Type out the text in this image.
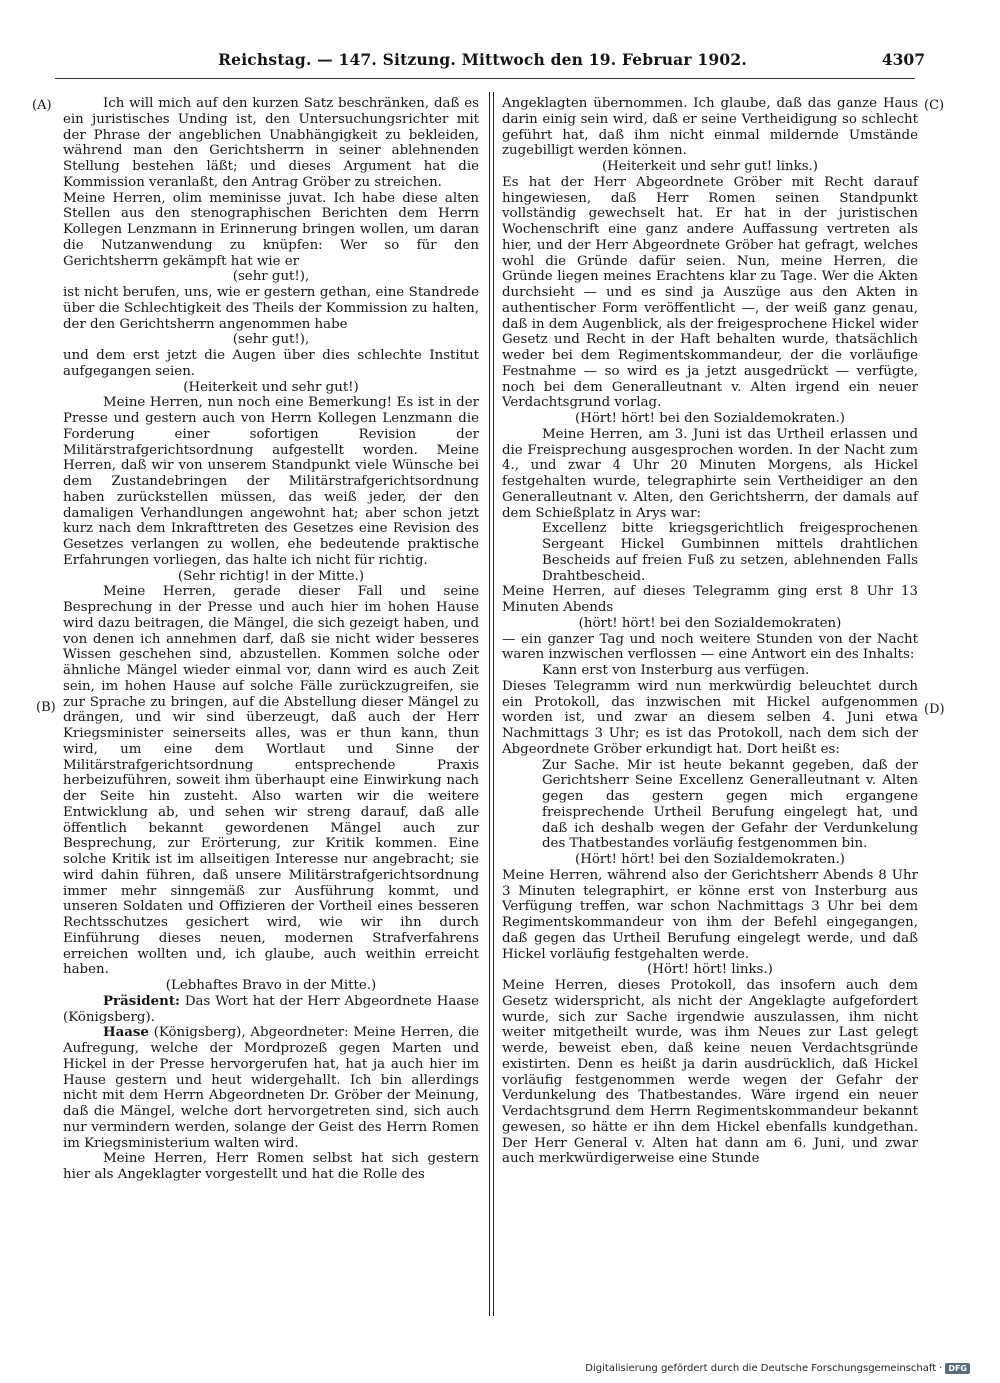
Reichstag. — 147. Sitzung. Mittwoch den 19. Februar 1902.	4307
(A)
(B)
(C)
(D)

Ich will mich auf den kurzen Satz beschränken, daß es ein juristisches Unding ist, den Untersuchungsrichter mit der Phrase der angeblichen Unabhängigkeit zu bekleiden, während man den Gerichtsherrn in seiner ablehnenden Stellung bestehen läßt; und dieses Argument hat die Kommission veranlaßt, den Antrag Gröber zu streichen.

Meine Herren, olim meminisse juvat. Ich habe diese alten Stellen aus den stenographischen Berichten dem Herrn Kollegen Lenzmann in Erinnerung bringen wollen, um daran die Nutzanwendung zu knüpfen: Wer so für den Gerichtsherrn gekämpft hat wie er

(sehr gut!),

ist nicht berufen, uns, wie er gestern gethan, eine Standrede über die Schlechtigkeit des Theils der Kommission zu halten, der den Gerichtsherrn angenommen habe

(sehr gut!),

und dem erst jetzt die Augen über dies schlechte Institut aufgegangen seien.

(Heiterkeit und sehr gut!)

Meine Herren, nun noch eine Bemerkung! Es ist in der Presse und gestern auch von Herrn Kollegen Lenzmann die Forderung einer sofortigen Revision der Militärstrafgerichtsordnung aufgestellt worden. Meine Herren, daß wir von unserem Standpunkt viele Wünsche bei dem Zustandebringen der Militärstrafgerichtsordnung haben zurückstellen müssen, das weiß jeder, der den damaligen Verhandlungen angewohnt hat; aber schon jetzt kurz nach dem Inkrafttreten des Gesetzes eine Revision des Gesetzes verlangen zu wollen, ehe bedeutende praktische Erfahrungen vorliegen, das halte ich nicht für richtig.

(Sehr richtig! in der Mitte.)

Meine Herren, gerade dieser Fall und seine Besprechung in der Presse und auch hier im hohen Hause wird dazu beitragen, die Mängel, die sich gezeigt haben, und von denen ich annehmen darf, daß sie nicht wider besseres Wissen geschehen sind, abzustellen. Kommen solche oder ähnliche Mängel wieder einmal vor, dann wird es auch Zeit sein, im hohen Hause auf solche Fälle zurückzugreifen, sie zur Sprache zu bringen, auf die Abstellung dieser Mängel zu drängen, und wir sind überzeugt, daß auch der Herr Kriegsminister seinerseits alles, was er thun kann, thun wird, um eine dem Wortlaut und Sinne der Militärstrafgerichtsordnung entsprechende Praxis herbeizuführen, soweit ihm überhaupt eine Einwirkung nach der Seite hin zusteht. Also warten wir die weitere Entwicklung ab, und sehen wir streng darauf, daß alle öffentlich bekannt gewordenen Mängel auch zur Besprechung, zur Erörterung, zur Kritik kommen. Eine solche Kritik ist im allseitigen Interesse nur angebracht; sie wird dahin führen, daß unsere Militärstrafgerichtsordnung immer mehr sinngemäß zur Ausführung kommt, und unseren Soldaten und Offizieren der Vortheil eines besseren Rechtsschutzes gesichert wird, wie wir ihn durch Einführung dieses neuen, modernen Strafverfahrens erreichen wollten und, ich glaube, auch weithin erreicht haben.

(Lebhaftes Bravo in der Mitte.)

Präsident: Das Wort hat der Herr Abgeordnete Haase (Königsberg).

Haase (Königsberg), Abgeordneter: Meine Herren, die Aufregung, welche der Mordprozeß gegen Marten und Hickel in der Presse hervorgerufen hat, hat ja auch hier im Hause gestern und heut widergehallt. Ich bin allerdings nicht mit dem Herrn Abgeordneten Dr. Gröber der Meinung, daß die Mängel, welche dort hervorgetreten sind, sich auch nur vermindern werden, solange der Geist des Herrn Romen im Kriegsministerium walten wird.

Meine Herren, Herr Romen selbst hat sich gestern hier als Angeklagter vorgestellt und hat die Rolle des

Angeklagten übernommen. Ich glaube, daß das ganze Haus darin einig sein wird, daß er seine Vertheidigung so schlecht geführt hat, daß ihm nicht einmal mildernde Umstände zugebilligt werden können.

(Heiterkeit und sehr gut! links.)

Es hat der Herr Abgeordnete Gröber mit Recht darauf hingewiesen, daß Herr Romen seinen Standpunkt vollständig gewechselt hat. Er hat in der juristischen Wochenschrift eine ganz andere Auffassung vertreten als hier, und der Herr Abgeordnete Gröber hat gefragt, welches wohl die Gründe dafür seien. Nun, meine Herren, die Gründe liegen meines Erachtens klar zu Tage. Wer die Akten durchsieht — und es sind ja Auszüge aus den Akten in authentischer Form veröffentlicht —, der weiß ganz genau, daß in dem Augenblick, als der freigesprochene Hickel wider Gesetz und Recht in der Haft behalten wurde, thatsächlich weder bei dem Regimentskommandeur, der die vorläufige Festnahme — so wird es ja jetzt ausgedrückt — verfügte, noch bei dem Generalleutnant v. Alten irgend ein neuer Verdachtsgrund vorlag.

(Hört! hört! bei den Sozialdemokraten.)

Meine Herren, am 3. Juni ist das Urtheil erlassen und die Freisprechung ausgesprochen worden. In der Nacht zum 4., und zwar 4 Uhr 20 Minuten Morgens, als Hickel festgehalten wurde, telegraphirte sein Vertheidiger an den Generalleutnant v. Alten, den Gerichtsherrn, der damals auf dem Schießplatz in Arys war:

Excellenz bitte kriegsgerichtlich freigesprochenen Sergeant Hickel Gumbinnen mittels drahtlichen Bescheids auf freien Fuß zu setzen, ablehnenden Falls Drahtbescheid.

Meine Herren, auf dieses Telegramm ging erst 8 Uhr 13 Minuten Abends

(hört! hört! bei den Sozialdemokraten)

— ein ganzer Tag und noch weitere Stunden von der Nacht waren inzwischen verflossen — eine Antwort ein des Inhalts:

Kann erst von Insterburg aus verfügen.

Dieses Telegramm wird nun merkwürdig beleuchtet durch ein Protokoll, das inzwischen mit Hickel aufgenommen worden ist, und zwar an diesem selben 4. Juni etwa Nachmittags 3 Uhr; es ist das Protokoll, nach dem sich der Abgeordnete Gröber erkundigt hat. Dort heißt es:

Zur Sache. Mir ist heute bekannt gegeben, daß der Gerichtsherr Seine Excellenz Generalleutnant v. Alten gegen das gestern gegen mich ergangene freisprechende Urtheil Berufung eingelegt hat, und daß ich deshalb wegen der Gefahr der Verdunkelung des Thatbestandes vorläufig festgenommen bin.

(Hört! hört! bei den Sozialdemokraten.)

Meine Herren, während also der Gerichtsherr Abends 8 Uhr 3 Minuten telegraphirt, er könne erst von Insterburg aus Verfügung treffen, war schon Nachmittags 3 Uhr bei dem Regimentskommandeur von ihm der Befehl eingegangen, daß gegen das Urtheil Berufung eingelegt werde, und daß Hickel vorläufig festgehalten werde.

(Hört! hört! links.)

Meine Herren, dieses Protokoll, das insofern auch dem Gesetz widerspricht, als nicht der Angeklagte aufgefordert wurde, sich zur Sache irgendwie auszulassen, ihm nicht weiter mitgetheilt wurde, was ihm Neues zur Last gelegt werde, beweist eben, daß keine neuen Verdachtsgründe existirten. Denn es heißt ja darin ausdrücklich, daß Hickel vorläufig festgenommen werde wegen der Gefahr der Verdunkelung des Thatbestandes. Wäre irgend ein neuer Verdachtsgrund dem Herrn Regimentskommandeur bekannt gewesen, so hätte er ihn dem Hickel ebenfalls kundgethan. Der Herr General v. Alten hat dann am 6. Juni, und zwar auch merkwürdigerweise eine Stunde

Digitalisierung gefördert durch die Deutsche Forschungsgemeinschaft · DFG
